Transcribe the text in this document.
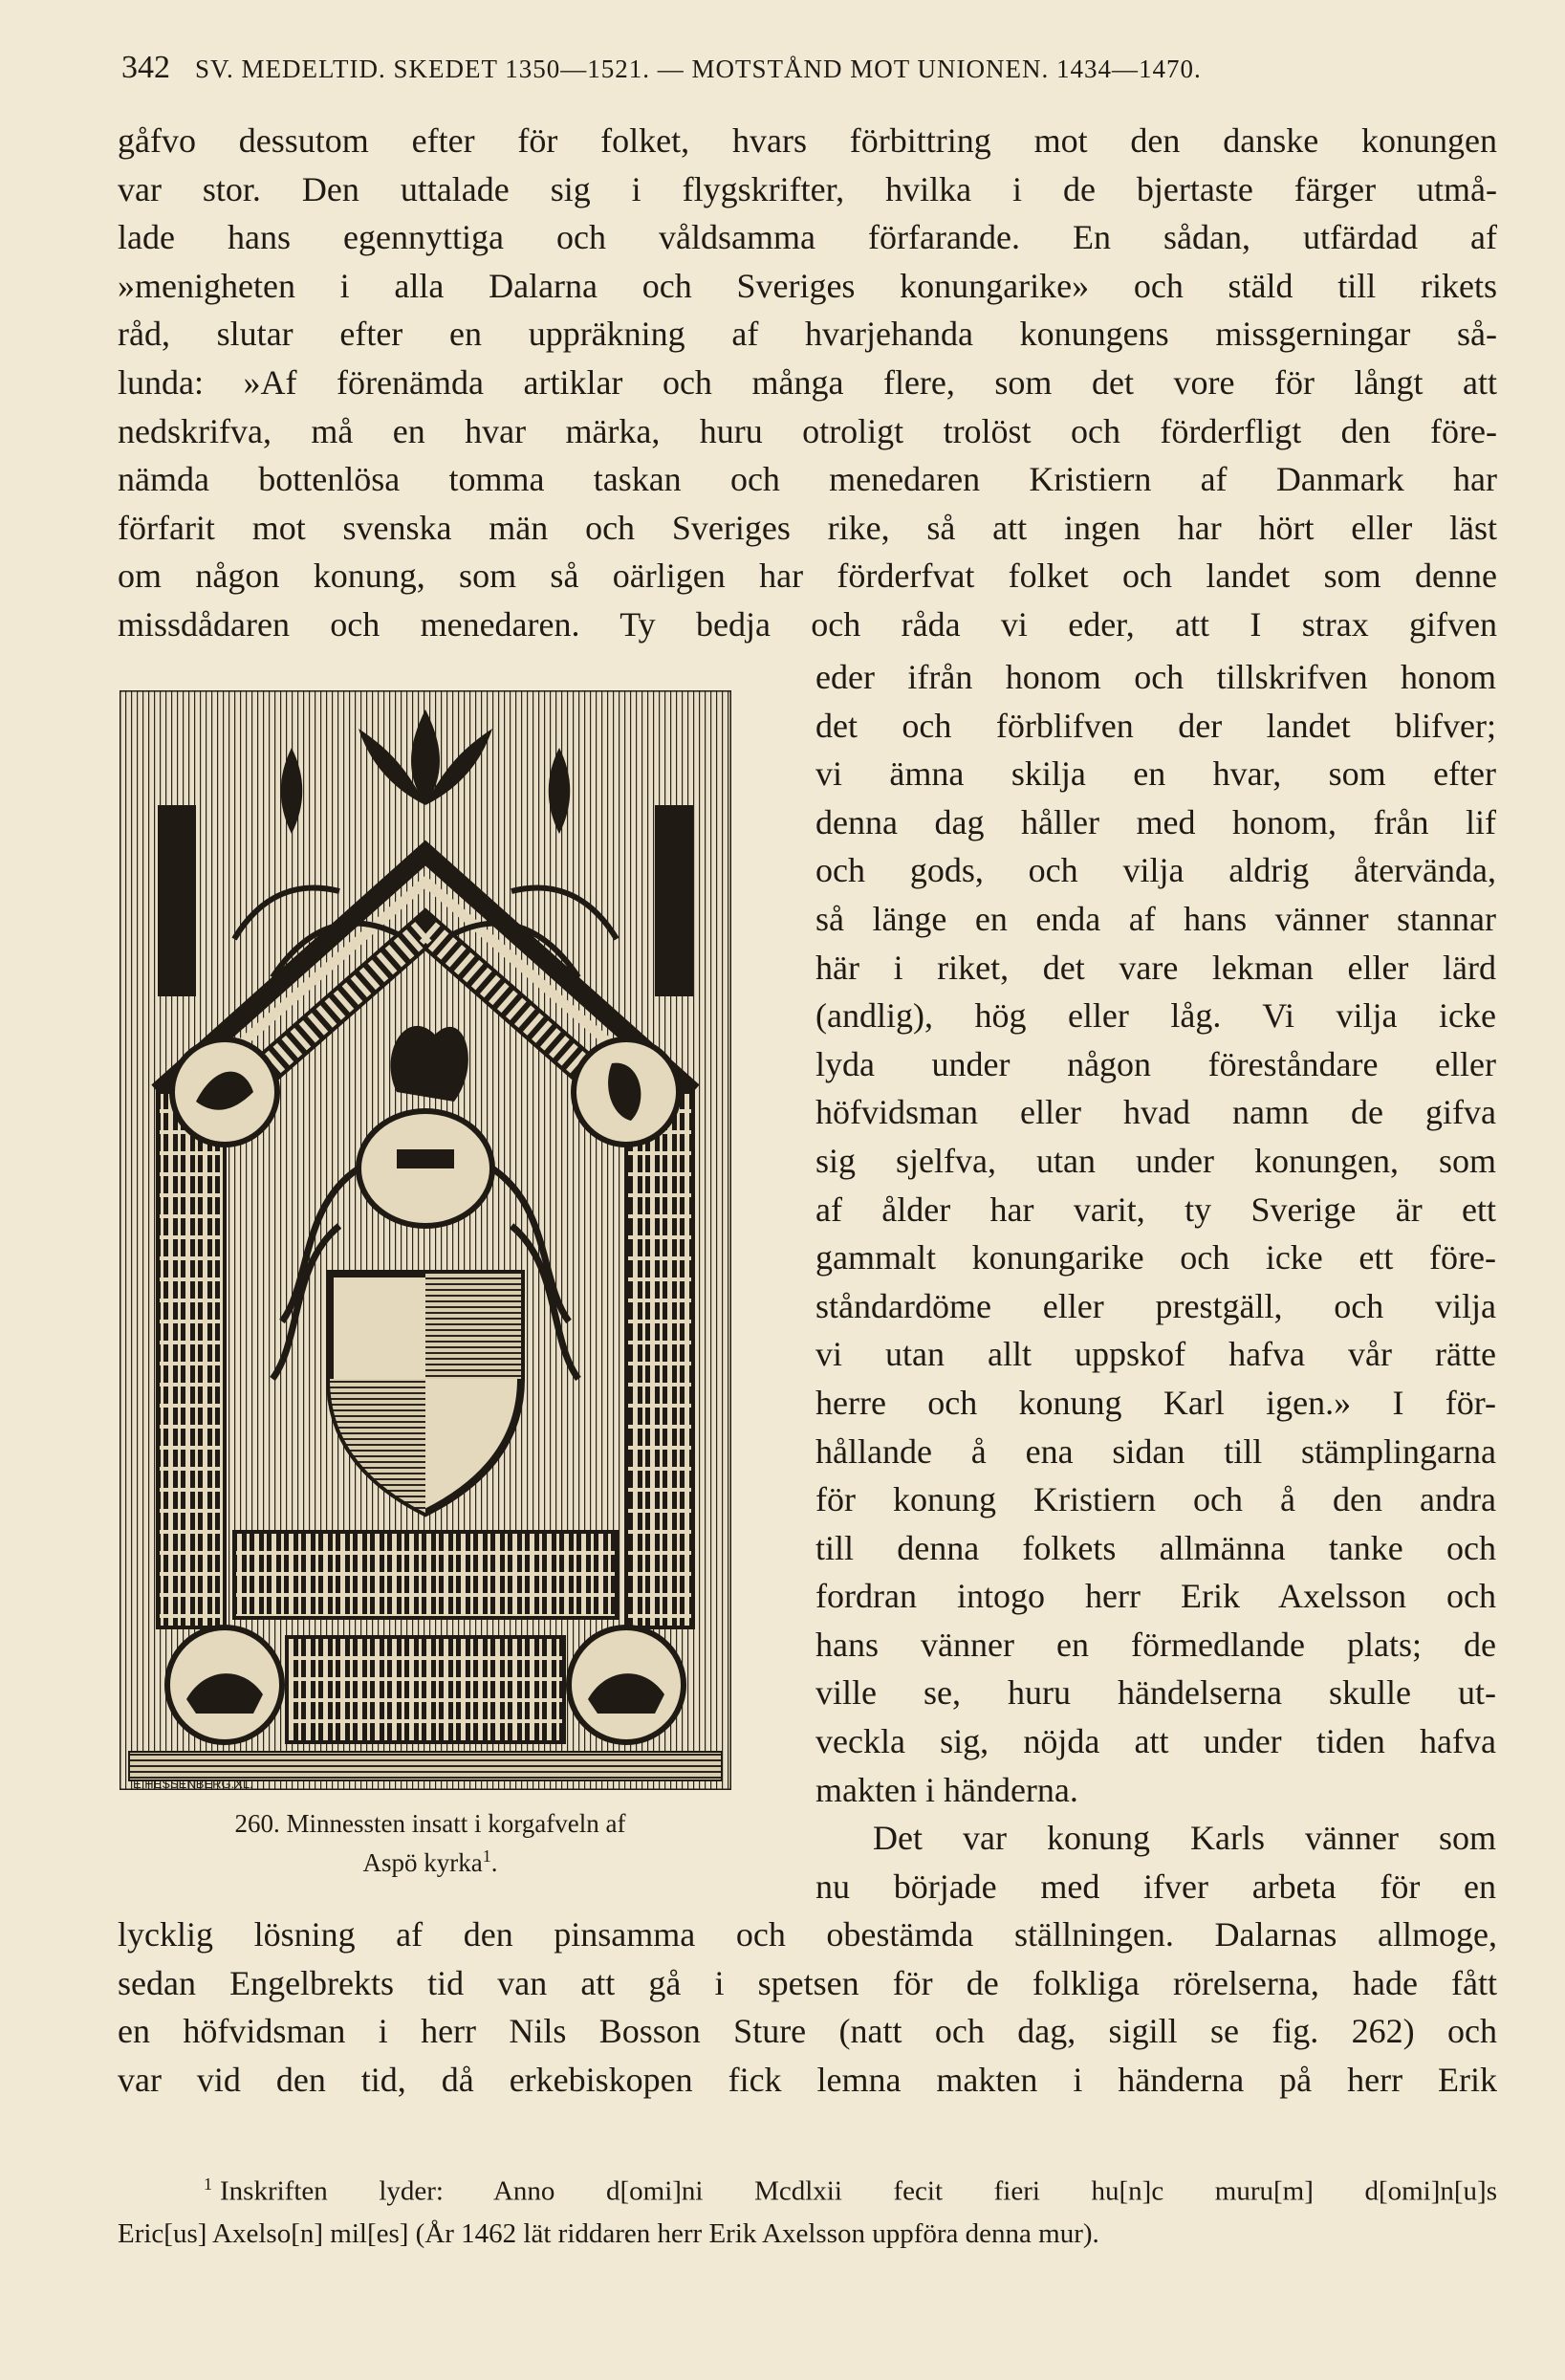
342 SV. MEDELTID. SKEDET 1350—1521. — MOTSTÅND MOT UNIONEN. 1434—1470.
gåfvo dessutom efter för folket, hvars förbittring mot den danske konungen
var stor. Den uttalade sig i flygskrifter, hvilka i de bjertaste färger utmå-
lade hans egennyttiga och våldsamma förfarande. En sådan, utfärdad af
»menigheten i alla Dalarna och Sveriges konungarike» och stäld till rikets
råd, slutar efter en uppräkning af hvarjehanda konungens missgerningar så-
lunda: »Af förenämda artiklar och många flere, som det vore för långt att
nedskrifva, må en hvar märka, huru otroligt trolöst och förderfligt den före-
nämda bottenlösa tomma taskan och menedaren Kristiern af Danmark har
förfarit mot svenska män och Sveriges rike, så att ingen har hört eller läst
om någon konung, som så oärligen har förderfvat folket och landet som denne
missdådaren och menedaren. Ty bedja och råda vi eder, att I strax gifven
eder ifrån honom och tillskrifven honom
det och förblifven der landet blifver;
vi ämna skilja en hvar, som efter
denna dag håller med honom, från lif
och gods, och vilja aldrig återvända,
så länge en enda af hans vänner stannar
här i riket, det vare lekman eller lärd
(andlig), hög eller låg. Vi vilja icke
lyda under någon föreståndare eller
höfvidsman eller hvad namn de gifva
sig sjelfva, utan under konungen, som
af ålder har varit, ty Sverige är ett
gammalt konungarike och icke ett före-
ståndardöme eller prestgäll, och vilja
vi utan allt uppskof hafva vår rätte
herre och konung Karl igen.» I för-
hållande å ena sidan till stämplingarna
för konung Kristiern och å den andra
till denna folkets allmänna tanke och
fordran intogo herr Erik Axelsson och
hans vänner en förmedlande plats; de
ville se, huru händelserna skulle ut-
veckla sig, nöjda att under tiden hafva
makten i händerna.
Det var konung Karls vänner som
nu började med ifver arbeta för en
E.HESSENBERG.XL.
260. Minnessten insatt i korgafveln af
Aspö kyrka$^1$.
lycklig lösning af den pinsamma och obestämda ställningen. Dalarnas allmoge,
sedan Engelbrekts tid van att gå i spetsen för de folkliga rörelserna, hade fått
en höfvidsman i herr Nils Bosson Sture (natt och dag, sigill se fig. 262) och
var vid den tid, då erkebiskopen fick lemna makten i händerna på herr Erik
$^1$ Inskriften lyder: Anno d[omi]ni Mcdlxii fecit fieri hu[n]c muru[m] d[omi]n[u]s
Eric[us] Axelso[n] mil[es] (År 1462 lät riddaren herr Erik Axelsson uppföra denna mur).
